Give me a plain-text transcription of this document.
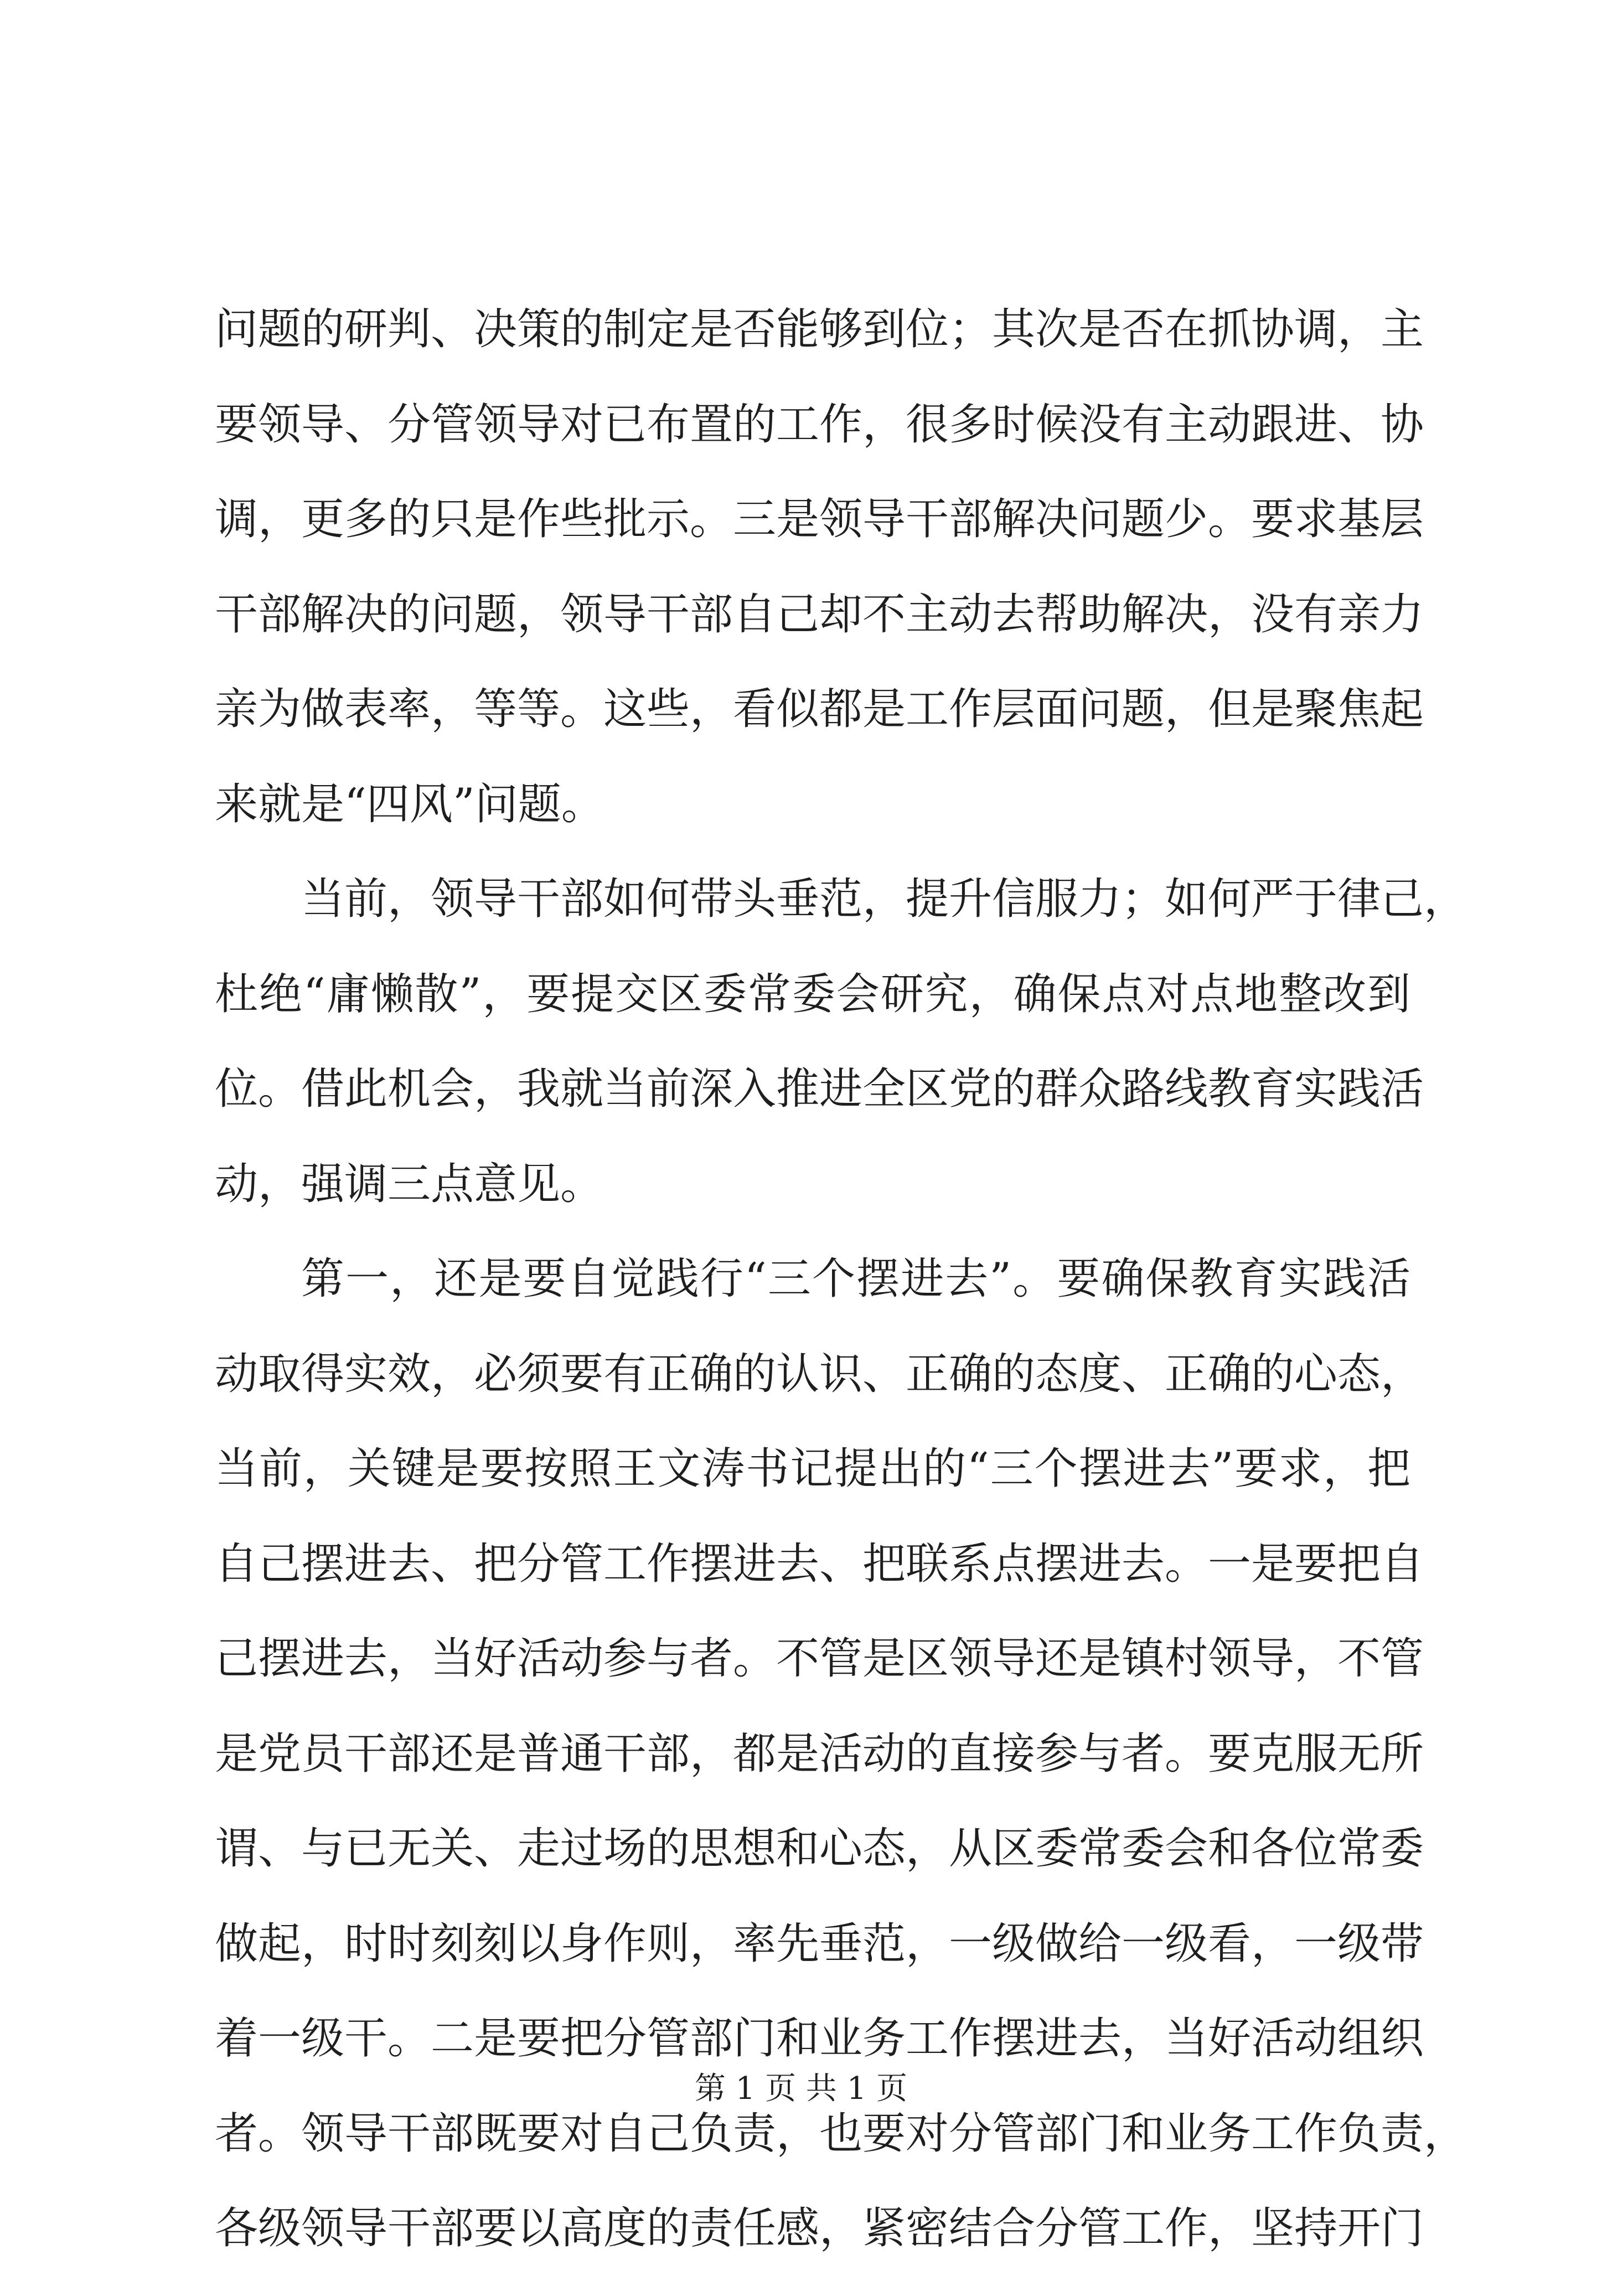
问题的研判、决策的制定是否能够到位；其次是否在抓协调，主
要领导、分管领导对已布置的工作，很多时候没有主动跟进、协
调，更多的只是作些批示。三是领导干部解决问题少。要求基层
干部解决的问题，领导干部自己却不主动去帮助解决，没有亲力
亲为做表率，等等。这些，看似都是工作层面问题，但是聚焦起
来就是“四风”问题。
当前，领导干部如何带头垂范，提升信服力；如何严于律己，
杜绝“庸懒散”，要提交区委常委会研究，确保点对点地整改到
位。借此机会，我就当前深入推进全区党的群众路线教育实践活
动，强调三点意见。
第一，还是要自觉践行“三个摆进去”。要确保教育实践活
动取得实效，必须要有正确的认识、正确的态度、正确的心态，
当前，关键是要按照王文涛书记提出的“三个摆进去”要求，把
自己摆进去、把分管工作摆进去、把联系点摆进去。一是要把自
己摆进去，当好活动参与者。不管是区领导还是镇村领导，不管
是党员干部还是普通干部，都是活动的直接参与者。要克服无所
谓、与已无关、走过场的思想和心态，从区委常委会和各位常委
做起，时时刻刻以身作则，率先垂范，一级做给一级看，一级带
着一级干。二是要把分管部门和业务工作摆进去，当好活动组织
者。领导干部既要对自己负责，也要对分管部门和业务工作负责，
各级领导干部要以高度的责任感，紧密结合分管工作，坚持开门
第 1 页 共 1 页
